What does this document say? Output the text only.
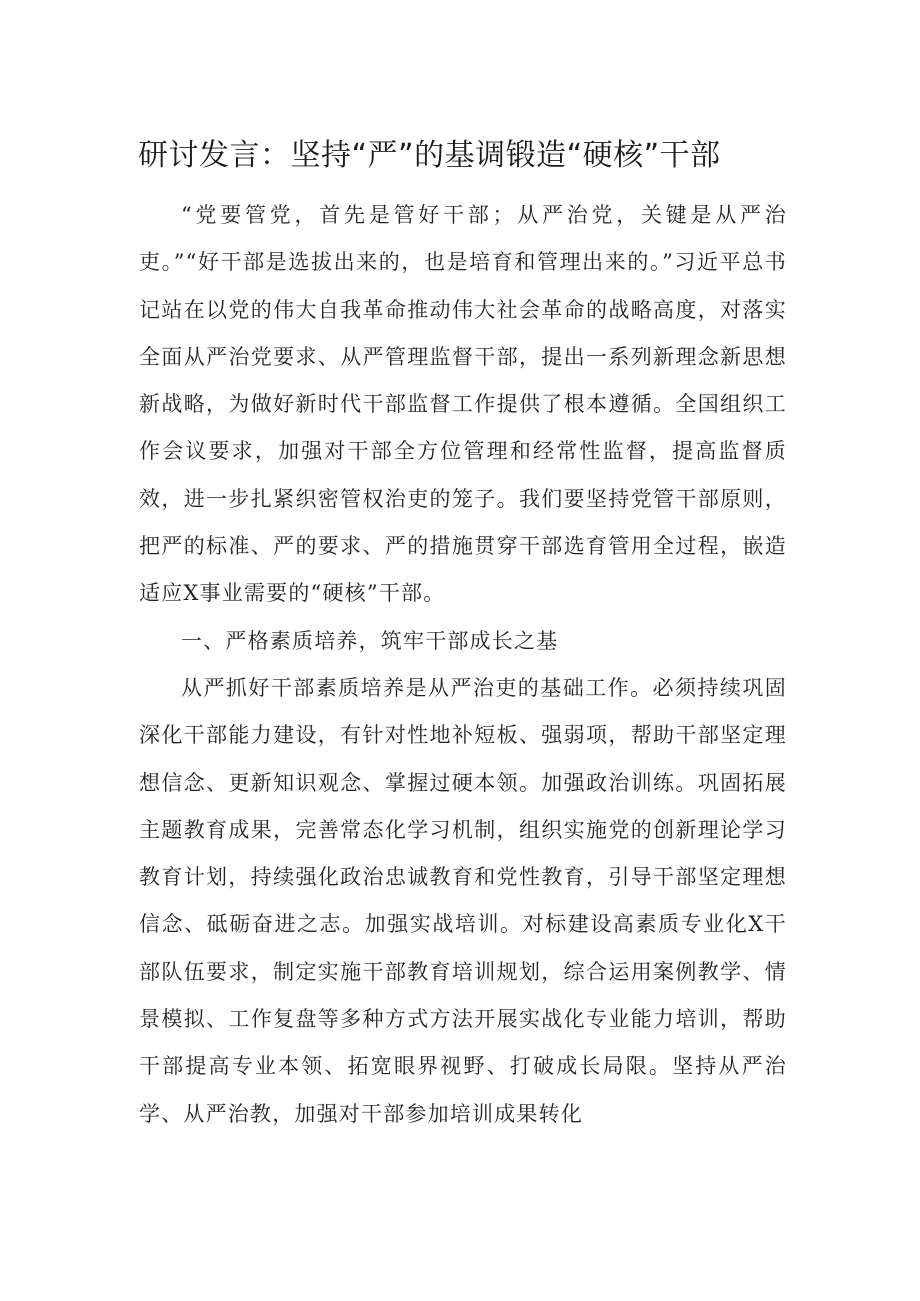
研讨发言：坚持“严”的基调锻造“硬核”干部

“党要管党，首先是管好干部；从严治党，关键是从严治吏。”“好干部是选拔出来的，也是培育和管理出来的。”习近平总书记站在以党的伟大自我革命推动伟大社会革命的战略高度，对落实全面从严治党要求、从严管理监督干部，提出一系列新理念新思想新战略，为做好新时代干部监督工作提供了根本遵循。全国组织工作会议要求，加强对干部全方位管理和经常性监督，提高监督质效，进一步扎紧织密管权治吏的笼子。我们要坚持党管干部原则，把严的标准、严的要求、严的措施贯穿干部选育管用全过程，嵌造适应X事业需要的“硬核”干部。

一、严格素质培养，筑牢干部成长之基

从严抓好干部素质培养是从严治吏的基础工作。必须持续巩固深化干部能力建设，有针对性地补短板、强弱项，帮助干部坚定理想信念、更新知识观念、掌握过硬本领。加强政治训练。巩固拓展主题教育成果，完善常态化学习机制，组织实施党的创新理论学习教育计划，持续强化政治忠诚教育和党性教育，引导干部坚定理想信念、砥砺奋进之志。加强实战培训。对标建设高素质专业化X干部队伍要求，制定实施干部教育培训规划，综合运用案例教学、情景模拟、工作复盘等多种方式方法开展实战化专业能力培训，帮助干部提高专业本领、拓宽眼界视野、打破成长局限。坚持从严治学、从严治教，加强对干部参加培训成果转化
